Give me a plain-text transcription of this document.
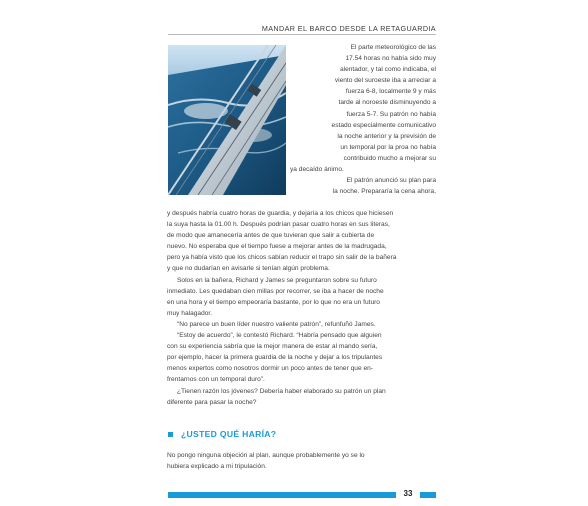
MANDAR EL BARCO DESDE LA RETAGUARDIA
El parte meteorológico de las
17.54 horas no había sido muy
alentador, y tal como indicaba, el
viento del suroeste iba a arreciar a
fuerza 6-8, localmente 9 y más
tarde al noroeste disminuyendo a
fuerza 5-7. Su patrón no había
estado especialmente comunicativo
la noche anterior y la previsión de
un temporal por la proa no había
contribuido mucho a mejorar su
ya decaído ánimo.
El patrón anunció su plan para
la noche. Prepararía la cena ahora,
y después habría cuatro horas de guardia, y dejaría a los chicos que hiciesen
la suya hasta la 01.00 h. Después podrían pasar cuatro horas en sus literas,
de modo que amanecería antes de que tuvieran que salir a cubierta de
nuevo. No esperaba que el tiempo fuese a mejorar antes de la madrugada,
pero ya había visto que los chicos sabían reducir el trapo sin salir de la bañera
y que no dudarían en avisarle si tenían algún problema.
Solos en la bañera, Richard y James se preguntaron sobre su futuro
inmediato. Les quedaban cien millas por recorrer, se iba a hacer de noche
en una hora y el tiempo empeoraría bastante, por lo que no era un futuro
muy halagador.
“No parece un buen líder nuestro valiente patrón”, refunfuñó James.
“Estoy de acuerdo”, le contestó Richard. “Habría pensado que alguien
con su experiencia sabría que la mejor manera de estar al mando sería,
por ejemplo, hacer la primera guardia de la noche y dejar a los tripulantes
menos expertos como nosotros dormir un poco antes de tener que en-
frentarnos con un temporal duro”.
¿Tienen razón los jóvenes? Debería haber elaborado su patrón un plan
diferente para pasar la noche?
¿USTED QUÉ HARÍA?
No pongo ninguna objeción al plan, aunque probablemente yo se lo
hubiera explicado a mi tripulación.
33
